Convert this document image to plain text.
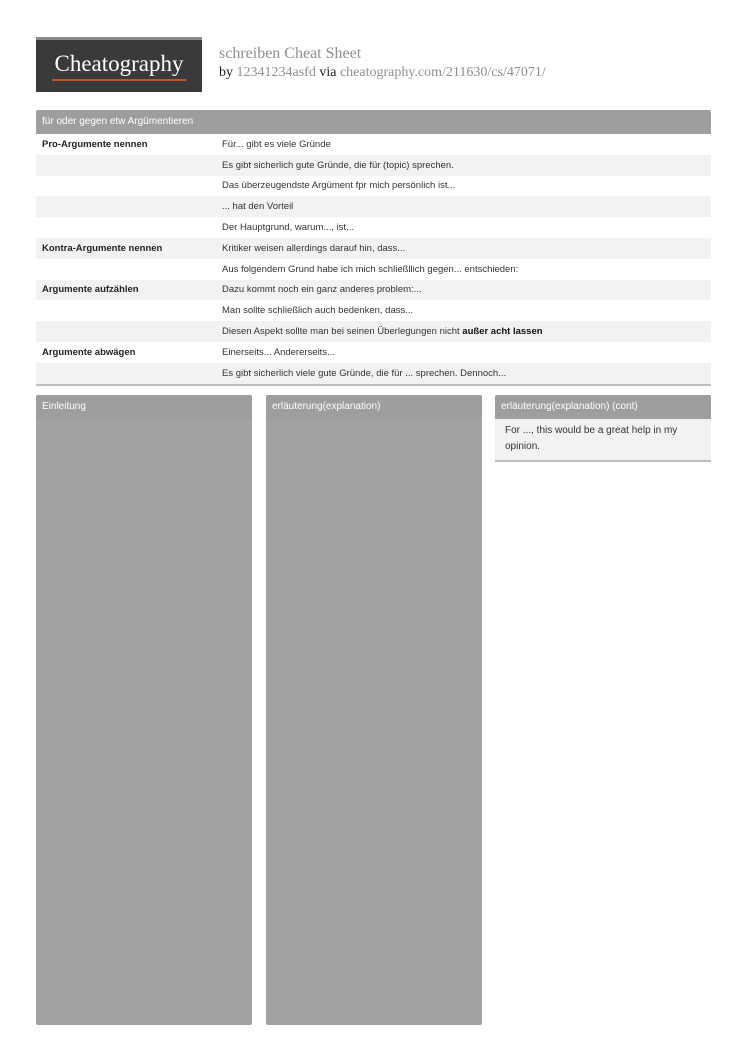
Cheatography	schreiben Cheat Sheet
by 12341234asfd via cheatography.com/211630/cs/47071/
für oder gegen etw Argümentieren
Pro-Argumente nennen	Für... gibt es viele Gründe
Es gibt sicherlich gute Gründe, die für (topic) sprechen.
Das überzeugendste Argüment fpr mich persönlich ist...
... hat den Vorteil
Der Hauptgrund, warum..., ist...
Kontra-Argumente nennen	Kritiker weisen allerdings darauf hin, dass...
Aus folgendem Grund habe ich mich schließllich gegen... entschieden:
Argumente aufzählen	Dazu kommt noch ein ganz anderes problem:...
Man sollte schließlich auch bedenken, dass...
Diesen Aspekt sollte man bei seinen Überlegungen nicht außer acht lassen
Argumente abwägen	Einerseits... Andererseits...
Es gibt sicherlich viele gute Gründe, die für ... sprechen. Dennoch...
Einleitung	erläuterung(explanation)	erläuterung(explanation) (cont)
For ..., this would be a great help in my opinion.
